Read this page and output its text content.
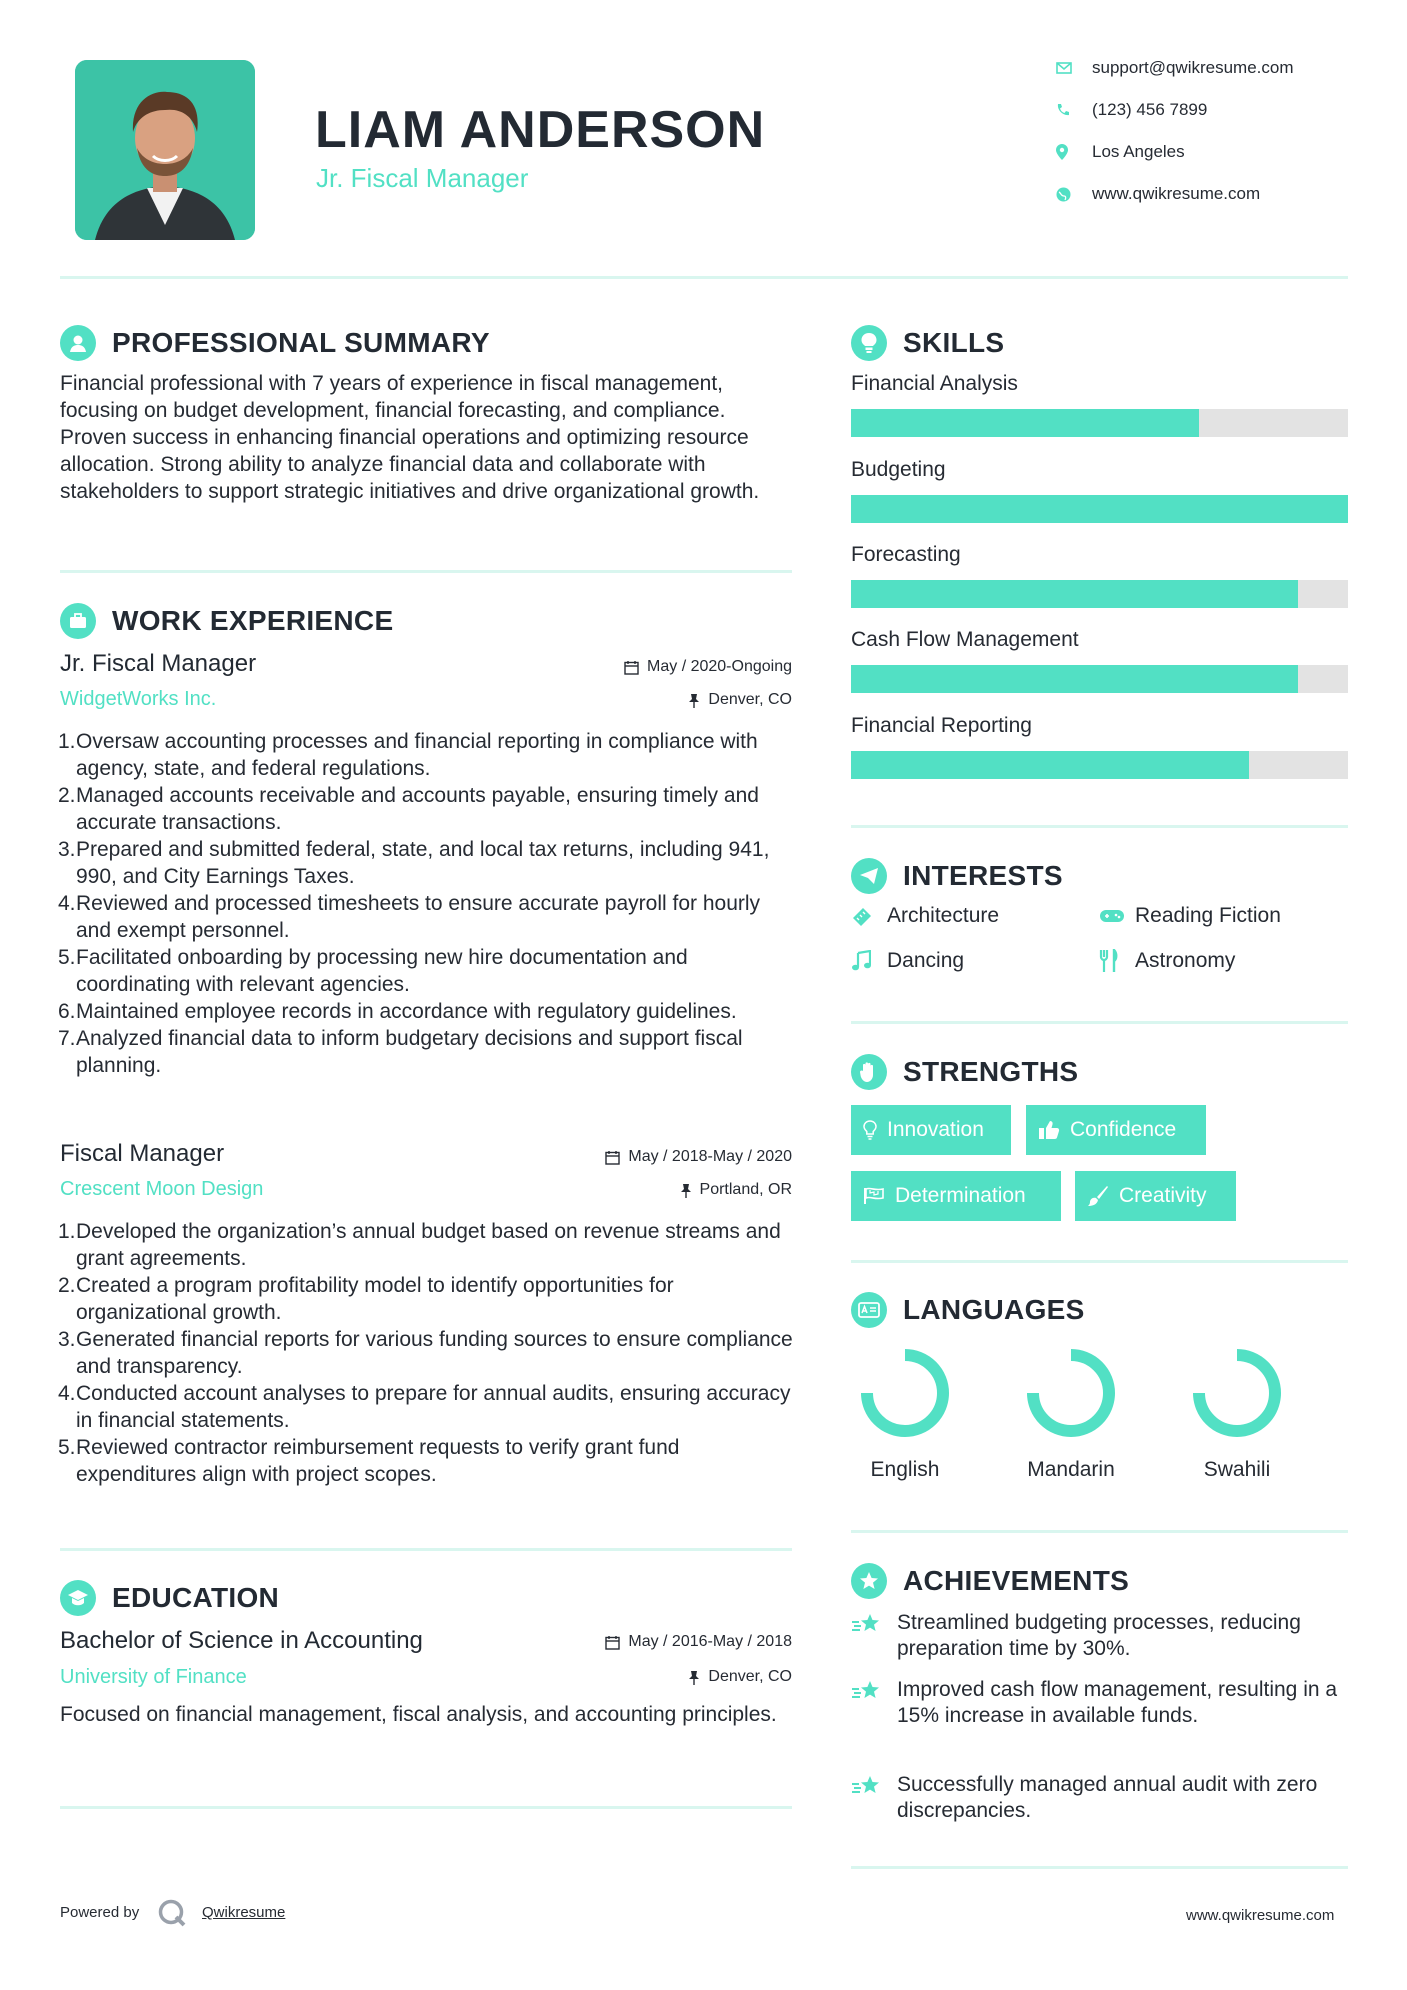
LIAM ANDERSON
Jr. Fiscal Manager
support@qwikresume.com
(123) 456 7899
Los Angeles
www.qwikresume.com
PROFESSIONAL SUMMARY
Financial professional with 7 years of experience in fiscal management, focusing on budget development, financial forecasting, and compliance. Proven success in enhancing financial operations and optimizing resource allocation. Strong ability to analyze financial data and collaborate with stakeholders to support strategic initiatives and drive organizational growth.
WORK EXPERIENCE
Jr. Fiscal Manager	May / 2020-Ongoing
WidgetWorks Inc.	Denver, CO
1. Oversaw accounting processes and financial reporting in compliance with agency, state, and federal regulations.
2. Managed accounts receivable and accounts payable, ensuring timely and accurate transactions.
3. Prepared and submitted federal, state, and local tax returns, including 941, 990, and City Earnings Taxes.
4. Reviewed and processed timesheets to ensure accurate payroll for hourly and exempt personnel.
5. Facilitated onboarding by processing new hire documentation and coordinating with relevant agencies.
6. Maintained employee records in accordance with regulatory guidelines.
7. Analyzed financial data to inform budgetary decisions and support fiscal planning.
Fiscal Manager	May / 2018-May / 2020
Crescent Moon Design	Portland, OR
1. Developed the organization’s annual budget based on revenue streams and grant agreements.
2. Created a program profitability model to identify opportunities for organizational growth.
3. Generated financial reports for various funding sources to ensure compliance and transparency.
4. Conducted account analyses to prepare for annual audits, ensuring accuracy in financial statements.
5. Reviewed contractor reimbursement requests to verify grant fund expenditures align with project scopes.
EDUCATION
Bachelor of Science in Accounting	May / 2016-May / 2018
University of Finance	Denver, CO
Focused on financial management, fiscal analysis, and accounting principles.
SKILLS
Financial Analysis
Budgeting
Forecasting
Cash Flow Management
Financial Reporting
INTERESTS
Architecture	Reading Fiction
Dancing	Astronomy
STRENGTHS
Innovation	Confidence
Determination	Creativity
LANGUAGES
English	Mandarin	Swahili
ACHIEVEMENTS
Streamlined budgeting processes, reducing preparation time by 30%.
Improved cash flow management, resulting in a 15% increase in available funds.
Successfully managed annual audit with zero discrepancies.
Powered by	Qwikresume	www.qwikresume.com
